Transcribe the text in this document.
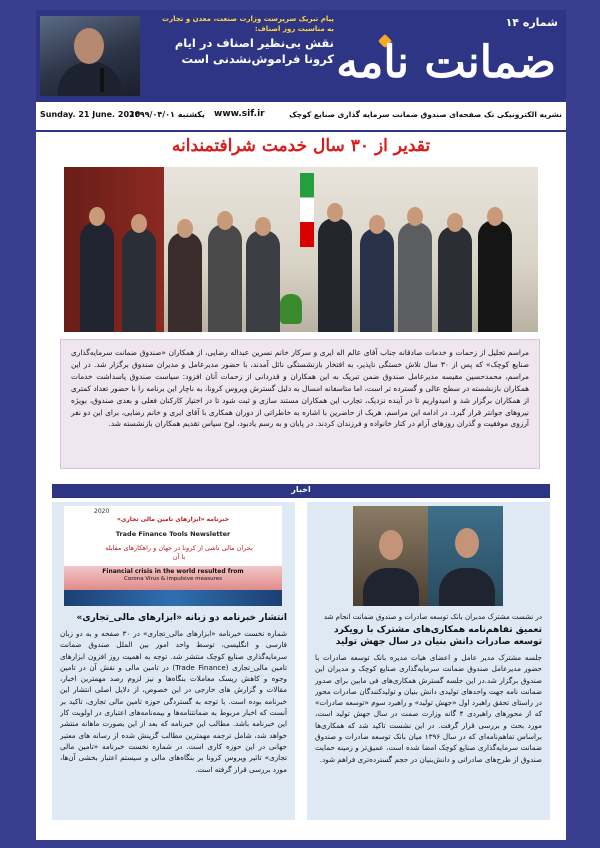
پیام تبریک سرپرست وزارت صنعت، معدن و تجارت
به مناسبت روز اصناف:
نقش بی‌نظیر اصناف در ایام کرونا فراموش‌نشدنی است
شماره ۱۴
ضمانت نامه
Sunday. 21 June. 2020
یکشنبه ۱۳۹۹/۰۴/۰۱ www.sif.ir	نشریه الکترونیکی تک صفحه‌ای صندوق ضمانت سرمایه گذاری صنایع کوچک
تقدیر از ۳۰ سال خدمت شرافتمندانه
مراسم تجلیل از زحمات و خدمات صادقانه جناب آقای عالم اله ایری و سرکار خانم نسرین عبداله رضایی، از همکاران «صندوق ضمانت سرمایه‌گذاری صنایع کوچک» که پس از ۳۰ سال تلاش خستگی ناپذیر، به افتخار بازنشستگی نائل آمدند، با حضور مدیرعامل و مدیران صندوق برگزار شد. در این مراسم، محمدحسین مقیسه مدیرعامل صندوق ضمن تبریک به این همکاران و قدردانی از زحمات آنان افزود: سیاست صندوق پاسداشت خدمات همکاران بازنشسته در سطح عالی و گسترده تر است، اما متاسفانه امسال به دلیل گسترش ویروس کرونا، به ناچار این برنامه را با حضور تعداد کمتری از همکاران برگزار شد و امیدواریم تا در آینده نزدیک، تجارب این همکاران مستند سازی و ثبت شود تا در اختیار کارکنان فعلی و بعدی صندوق، بویژه نیروهای جوانتر قرار گیرد. در ادامه این مراسم، هریک از حاضرین با اشاره به خاطراتی از دوران همکاری با آقای ایری و خانم رضایی، برای این دو نفر آرزوی موفقیت و گذران روزهای آرام در کنار خانواده و فرزندان کردند. در پایان و به رسم یادبود، لوح سپاس تقدیم همکاران بازنشسته شد.
اخبار
2020
خبرنامه «ابزارهای تامین مالی تجاری»
Trade Finance Tools Newsletter
بحران مالی ناشی از کرونا در جهان و راهکارهای مقابله با آن
Financial crisis in the world resulted from
Corona Virus & impulsive measures
انتشار خبرنامه دو زبانه «ابزارهای مالی_تجاری»
شماره نخست خبرنامه «ابزارهای مالی_تجاری» در ۳۰ صفحه و به دو زبان فارسی و انگلیسی، توسط واحد امور بین الملل صندوق ضمانت سرمایه‌گذاری صنایع کوچک منتشر شد. توجه به اهمیت روز افزون ابزارهای تامین مالی_تجاری (Trade Finance) در تامین مالی و نقش آن در تامین وجوه و کاهش ریسک معاملات بنگاه‌ها و نیز لزوم رصد مهمترین اخبار، مقالات و گزارش های خارجی در این خصوص، از دلایل اصلی انتشار این خبرنامه بوده است. با توجه به گستردگی حوزه تامین مالی تجاری، تاکید بر آنست که اخبار مربوط به ضمانتنامه‌ها و بیمه‌نامه‌های اعتباری در اولویت کار این خبرنامه باشد. مطالب این خبرنامه که بعد از این بصورت ماهانه منتشر خواهد شد، شامل ترجمه مهمترین مطالب گزینش شده از رسانه های معتبر جهانی در این حوزه کاری است. در شماره نخست خبرنامه «تامین مالی تجاری» تاثیر ویروس کرونا بر بنگاه‌های مالی و سیستم اعتبار بخشی آن‌ها، مورد بررسی قرار گرفته است.
در نشست مشترک مدیران بانک توسعه صادرات و صندوق ضمانت انجام شد
تعمیق تفاهم‌نامه همکاری‌های مشترک با رویکرد توسعه صادرات دانش بنیان در سال جهش تولید
جلسه مشترک مدیر عامل و اعضای هیات مدیره بانک توسعه صادرات با حضور مدیرعامل صندوق ضمانت سرمایه‌گذاری صنایع کوچک و مدیران این صندوق برگزار شد.در این جلسه گسترش همکاری‌ها‌ی فی مابین برای صدور ضمانت نامه جهت واحدهای تولیدی دانش بنیان و تولیدکنندگان صادرات محور در راستای تحقق راهبرد اول «جهش تولید» و راهبرد سوم «توسعه صادرات» که از محورهای راهبردی ۴ گانه وزارت صمت در سال جهش تولید است، مورد بحث و بررسی قرار گرفت. در این نشست تاکید شد که همکاری‌ها براساس تفاهم‌نامه‌ای که در سال ۱۳۹۶ میان بانک توسعه صادرات و صندوق ضمانت سرمایه‌گذاری صنایع کوچک امضا شده است، عمیق‌تر و زمینه حمایت صندوق از طرح‌های صادراتی و دانش‌بنیان در حجم گسترده‌تری فراهم شود.
